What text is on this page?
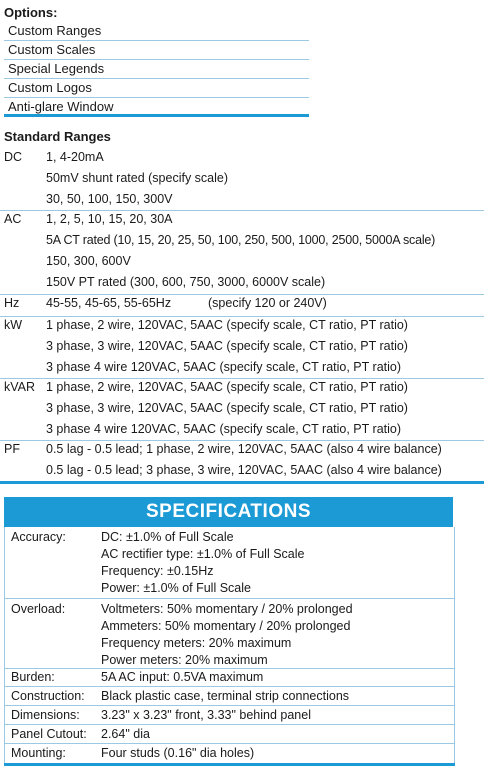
Options:
Custom Ranges
Custom Scales
Special Legends
Custom Logos
Anti-glare Window
Standard Ranges
DC 1, 4-20mA
50mV shunt rated (specify scale)
30, 50, 100, 150, 300V
AC 1, 2, 5, 10, 15, 20, 30A
5A CT rated (10, 15, 20, 25, 50, 100, 250, 500, 1000, 2500, 5000A scale)
150, 300, 600V
150V PT rated (300, 600, 750, 3000, 6000V scale)
Hz 45-55, 45-65, 55-65Hz	(specify 120 or 240V)
kW 1 phase, 2 wire, 120VAC, 5AAC (specify scale, CT ratio, PT ratio)
3 phase, 3 wire, 120VAC, 5AAC (specify scale, CT ratio, PT ratio)
3 phase 4 wire 120VAC, 5AAC (specify scale, CT ratio, PT ratio)
kVAR 1 phase, 2 wire, 120VAC, 5AAC (specify scale, CT ratio, PT ratio)
3 phase, 3 wire, 120VAC, 5AAC (specify scale, CT ratio, PT ratio)
3 phase 4 wire 120VAC, 5AAC (specify scale, CT ratio, PT ratio)
PF 0.5 lag - 0.5 lead; 1 phase, 2 wire, 120VAC, 5AAC (also 4 wire balance)
0.5 lag - 0.5 lead; 3 phase, 3 wire, 120VAC, 5AAC (also 4 wire balance)
SPECIFICATIONS
Accuracy:	DC: ±1.0% of Full Scale
AC rectifier type: ±1.0% of Full Scale
Frequency: ±0.15Hz
Power: ±1.0% of Full Scale
Overload:	Voltmeters: 50% momentary / 20% prolonged
Ammeters: 50% momentary / 20% prolonged
Frequency meters: 20% maximum
Power meters: 20% maximum
Burden:	5A AC input: 0.5VA maximum
Construction: Black plastic case, terminal strip connections
Dimensions: 3.23" x 3.23" front, 3.33" behind panel
Panel Cutout: 2.64" dia
Mounting:	Four studs (0.16" dia holes)
